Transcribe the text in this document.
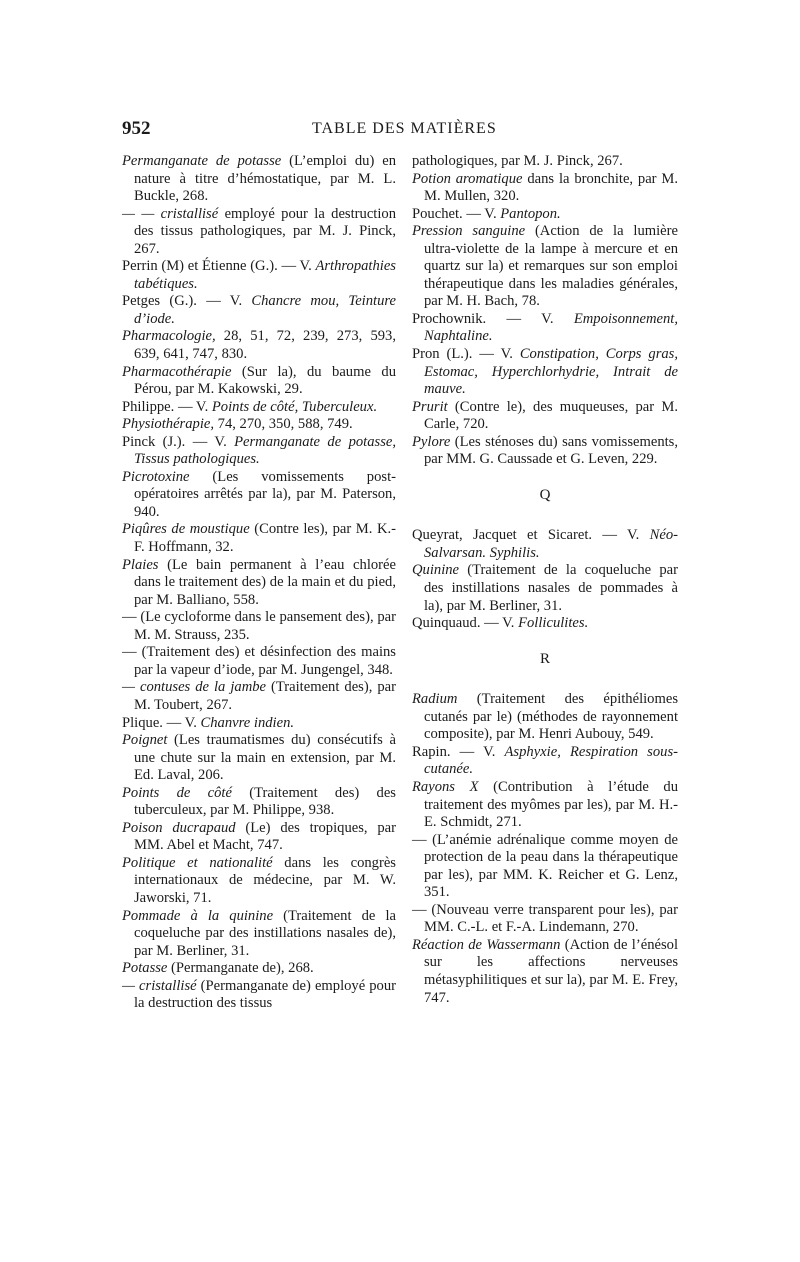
952	TABLE DES MATIÈRES

Permanganate de potasse (L’emploi du) en nature à titre d’hémostatique, par M. L. Buckle, 268.

— — cristallisé employé pour la destruction des tissus pathologiques, par M. J. Pinck, 267.

Perrin (M) et Étienne (G.). — V. Arthropathies tabétiques.

Petges (G.). — V. Chancre mou, Teinture d’iode.

Pharmacologie, 28, 51, 72, 239, 273, 593, 639, 641, 747, 830.

Pharmacothérapie (Sur la), du baume du Pérou, par M. Kakowski, 29.

Philippe. — V. Points de côté, Tuberculeux.

Physiothérapie, 74, 270, 350, 588, 749.

Pinck (J.). — V. Permanganate de potasse, Tissus pathologiques.

Picrotoxine (Les vomissements post-opératoires arrêtés par la), par M. Paterson, 940.

Piqûres de moustique (Contre les), par M. K.-F. Hoffmann, 32.

Plaies (Le bain permanent à l’eau chlorée dans le traitement des) de la main et du pied, par M. Balliano, 558.

— (Le cycloforme dans le pansement des), par M. M. Strauss, 235.

— (Traitement des) et désinfection des mains par la vapeur d’iode, par M. Jungengel, 348.

— contuses de la jambe (Traitement des), par M. Toubert, 267.

Plique. — V. Chanvre indien.

Poignet (Les traumatismes du) consécutifs à une chute sur la main en extension, par M. Ed. Laval, 206.

Points de côté (Traitement des) des tuberculeux, par M. Philippe, 938.

Poison ducrapaud (Le) des tropiques, par MM. Abel et Macht, 747.

Politique et nationalité dans les congrès internationaux de médecine, par M. W. Jaworski, 71.

Pommade à la quinine (Traitement de la coqueluche par des instillations nasales de), par M. Berliner, 31.

Potasse (Permanganate de), 268.

— cristallisé (Permanganate de) employé pour la destruction des tissus

pathologiques, par M. J. Pinck, 267.

Potion aromatique dans la bronchite, par M. M. Mullen, 320.

Pouchet. — V. Pantopon.

Pression sanguine (Action de la lumière ultra-violette de la lampe à mercure et en quartz sur la) et remarques sur son emploi thérapeutique dans les maladies générales, par M. H. Bach, 78.

Prochownik. — V. Empoisonnement, Naphtaline.

Pron (L.). — V. Constipation, Corps gras, Estomac, Hyperchlorhydrie, Intrait de mauve.

Prurit (Contre le), des muqueuses, par M. Carle, 720.

Pylore (Les sténoses du) sans vomissements, par MM. G. Caussade et G. Leven, 229.

Q

Queyrat, Jacquet et Sicaret. — V. Néo-Salvarsan. Syphilis.

Quinine (Traitement de la coqueluche par des instillations nasales de pommades à la), par M. Berliner, 31.

Quinquaud. — V. Folliculites.

R

Radium (Traitement des épithéliomes cutanés par le) (méthodes de rayonnement composite), par M. Henri Aubouy, 549.

Rapin. — V. Asphyxie, Respiration sous-cutanée.

Rayons X (Contribution à l’étude du traitement des myômes par les), par M. H.-E. Schmidt, 271.

— (L’anémie adrénalique comme moyen de protection de la peau dans la thérapeutique par les), par MM. K. Reicher et G. Lenz, 351.

— (Nouveau verre transparent pour les), par MM. C.-L. et F.-A. Lindemann, 270.

Réaction de Wassermann (Action de l’énésol sur les affections nerveuses métasyphilitiques et sur la), par M. E. Frey, 747.
